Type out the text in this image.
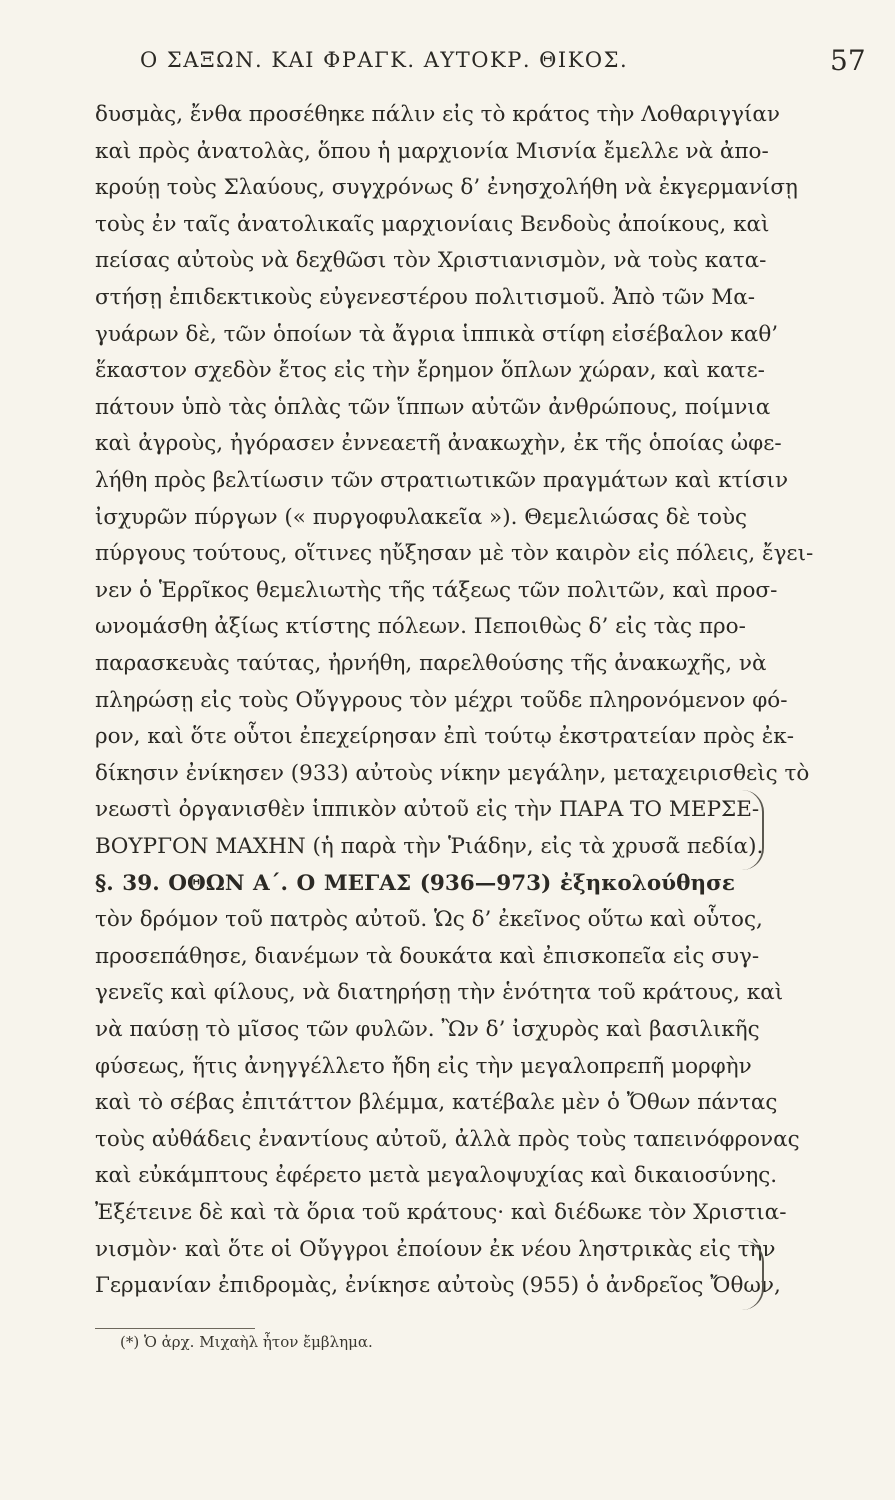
Ο ΣΑΞΩΝ. ΚΑΙ ΦΡΑΓΚ. ΑΥΤΟΚΡ. ΘΙΚΟΣ.	57
δυσμὰς, ἔνθα προσέθηκε πάλιν εἰς τὸ κράτος τὴν Λοθαριγγίαν
καὶ πρὸς ἀνατολὰς, ὅπου ἡ μαρχιονία Μισνία ἔμελλε νὰ ἀπο-
κρούῃ τοὺς Σλαύους, συγχρόνως δ’ ἐνησχολήθη νὰ ἐκγερμανίσῃ
τοὺς ἐν ταῖς ἀνατολικαῖς μαρχιονίαις Βενδοὺς ἀποίκους, καὶ
πείσας αὐτοὺς νὰ δεχθῶσι τὸν Χριστιανισμὸν, νὰ τοὺς κατα-
στήσῃ ἐπιδεκτικοὺς εὐγενεστέρου πολιτισμοῦ. Ἀπὸ τῶν Μα-
γυάρων δὲ, τῶν ὁποίων τὰ ἄγρια ἱππικὰ στίφη εἰσέβαλον καθ’
ἕκαστον σχεδὸν ἔτος εἰς τὴν ἔρημον ὅπλων χώραν, καὶ κατε-
πάτουν ὑπὸ τὰς ὁπλὰς τῶν ἵππων αὐτῶν ἀνθρώπους, ποίμνια
καὶ ἀγροὺς, ἠγόρασεν ἐννεαετῆ ἀνακωχὴν, ἐκ τῆς ὁποίας ὠφε-
λήθη πρὸς βελτίωσιν τῶν στρατιωτικῶν πραγμάτων καὶ κτίσιν
ἰσχυρῶν πύργων (« πυργοφυλακεῖα »). Θεμελιώσας δὲ τοὺς
πύργους τούτους, οἵτινες ηὔξησαν μὲ τὸν καιρὸν εἰς πόλεις, ἔγει-
νεν ὁ Ἑρρῖκος θεμελιωτὴς τῆς τάξεως τῶν πολιτῶν, καὶ προσ-
ωνομάσθη ἀξίως κτίστης πόλεων. Πεποιθὼς δ’ εἰς τὰς προ-
παρασκευὰς ταύτας, ἠρνήθη, παρελθούσης τῆς ἀνακωχῆς, νὰ
πληρώσῃ εἰς τοὺς Οὔγγρους τὸν μέχρι τοῦδε πληρονόμενον φό-
ρον, καὶ ὅτε οὗτοι ἐπεχείρησαν ἐπὶ τούτῳ ἐκστρατείαν πρὸς ἐκ-
δίκησιν ἐνίκησεν (933) αὐτοὺς νίκην μεγάλην, μεταχειρισθεὶς τὸ
νεωστὶ ὀργανισθὲν ἱππικὸν αὐτοῦ εἰς τὴν ΠΑΡΑ ΤΟ ΜΕΡΣΕ-
ΒΟΥΡΓΟΝ ΜΑΧΗΝ (ἡ παρὰ τὴν Ῥιάδην, εἰς τὰ χρυσᾶ πεδία).
§. 39. ΟΘΩΝ Α΄. Ο ΜΕΓΑΣ (936—973) ἐξηκολούθησε
τὸν δρόμον τοῦ πατρὸς αὐτοῦ. Ὡς δ’ ἐκεῖνος οὕτω καὶ οὗτος,
προσεπάθησε, διανέμων τὰ δουκάτα καὶ ἐπισκοπεῖα εἰς συγ-
γενεῖς καὶ φίλους, νὰ διατηρήσῃ τὴν ἑνότητα τοῦ κράτους, καὶ
νὰ παύσῃ τὸ μῖσος τῶν φυλῶν. Ὢν δ’ ἰσχυρὸς καὶ βασιλικῆς
φύσεως, ἥτις ἀνηγγέλλετο ἤδη εἰς τὴν μεγαλοπρεπῆ μορφὴν
καὶ τὸ σέβας ἐπιτάττον βλέμμα, κατέβαλε μὲν ὁ Ὄθων πάντας
τοὺς αὐθάδεις ἐναντίους αὐτοῦ, ἀλλὰ πρὸς τοὺς ταπεινόφρονας
καὶ εὐκάμπτους ἐφέρετο μετὰ μεγαλοψυχίας καὶ δικαιοσύνης.
Ἐξέτεινε δὲ καὶ τὰ ὅρια τοῦ κράτους· καὶ διέδωκε τὸν Χριστια-
νισμὸν· καὶ ὅτε οἱ Οὔγγροι ἐποίουν ἐκ νέου ληστρικὰς εἰς τὴν
Γερμανίαν ἐπιδρομὰς, ἐνίκησε αὐτοὺς (955) ὁ ἀνδρεῖος Ὄθων,
(*) Ὁ ἀρχ. Μιχαὴλ ἦτον ἔμβλημα.
